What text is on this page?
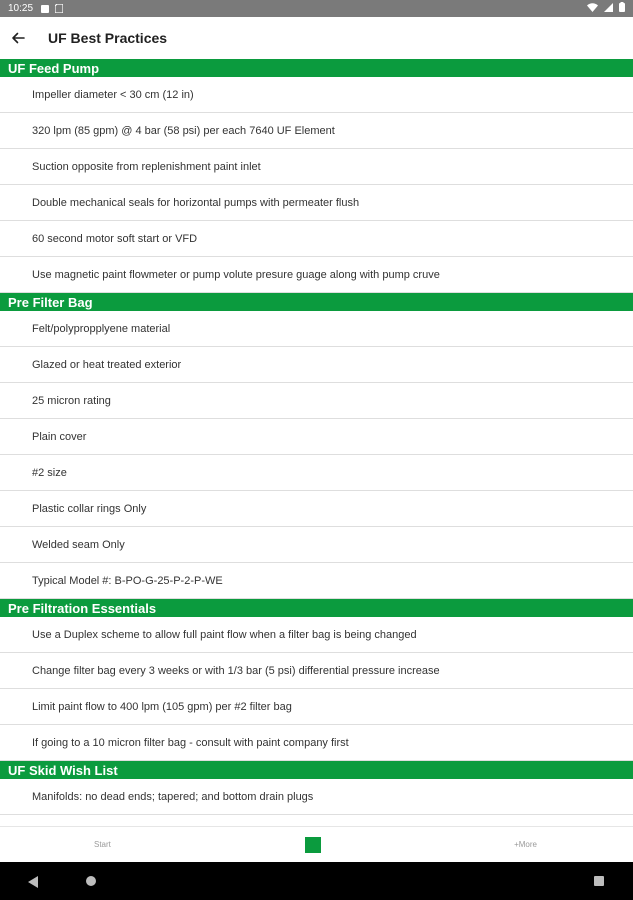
10:25
UF Best Practices
UF Feed Pump
Impeller diameter < 30 cm (12 in)
320 lpm (85 gpm) @ 4 bar (58 psi) per each 7640 UF Element
Suction opposite from replenishment paint inlet
Double mechanical seals for horizontal pumps with permeater flush
60 second motor soft start or VFD
Use magnetic paint flowmeter or pump volute presure guage along with pump cruve
Pre Filter Bag
Felt/polypropplyene material
Glazed or heat treated exterior
25 micron rating
Plain cover
#2 size
Plastic collar rings Only
Welded seam Only
Typical Model #: B-PO-G-25-P-2-P-WE
Pre Filtration Essentials
Use a Duplex scheme to allow full paint flow when a filter bag is being changed
Change filter bag every 3 weeks or with 1/3 bar (5 psi) differential pressure increase
Limit paint flow to 400 lpm (105 gpm) per #2 filter bag
If going to a 10 micron filter bag - consult with paint company first
UF Skid Wish List
Manifolds: no dead ends; tapered; and bottom drain plugs
Start	+More
